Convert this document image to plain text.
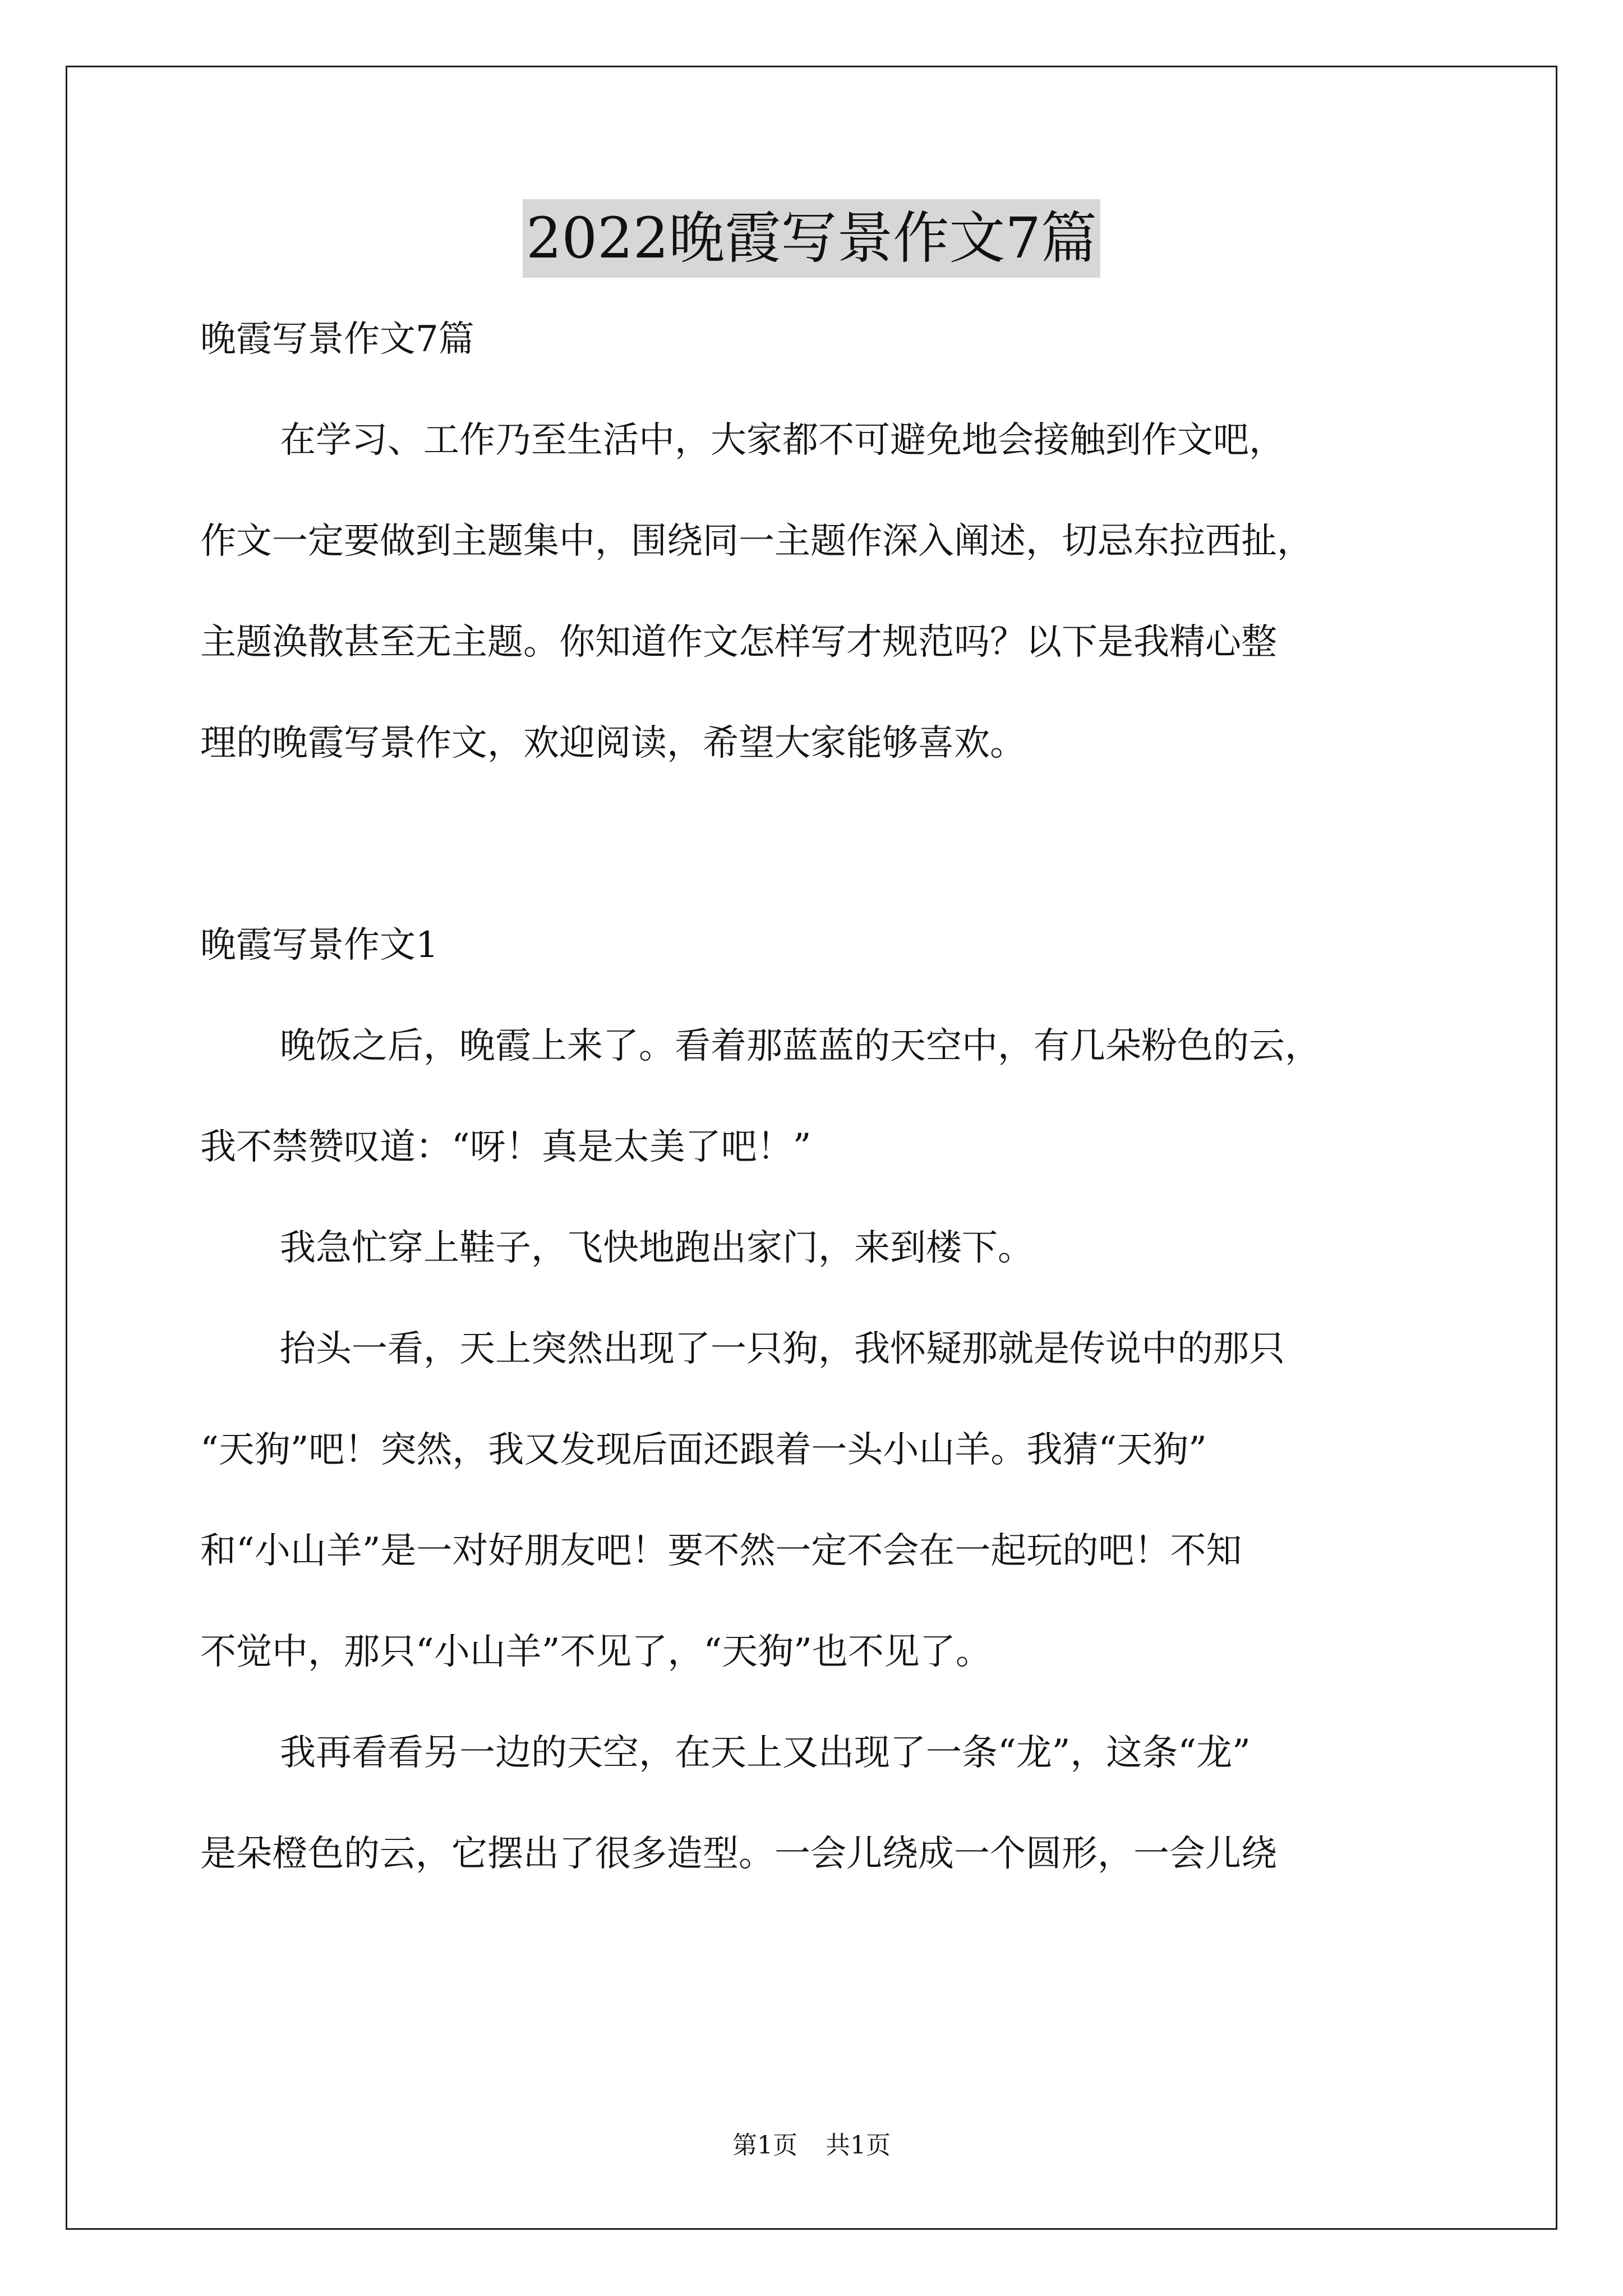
2022晚霞写景作文7篇

晚霞写景作文7篇

在学习、工作乃至生活中，大家都不可避免地会接触到作文吧，

作文一定要做到主题集中，围绕同一主题作深入阐述，切忌东拉西扯，

主题涣散甚至无主题。你知道作文怎样写才规范吗？以下是我精心整

理的晚霞写景作文，欢迎阅读，希望大家能够喜欢。

晚霞写景作文1

晚饭之后，晚霞上来了。看着那蓝蓝的天空中，有几朵粉色的云，

我不禁赞叹道：“呀！真是太美了吧！”

我急忙穿上鞋子，飞快地跑出家门，来到楼下。

抬头一看，天上突然出现了一只狗，我怀疑那就是传说中的那只

“天狗”吧！突然，我又发现后面还跟着一头小山羊。我猜“天狗”

和“小山羊”是一对好朋友吧！要不然一定不会在一起玩的吧！不知

不觉中，那只“小山羊”不见了，“天狗”也不见了。

我再看看另一边的天空，在天上又出现了一条“龙”，这条“龙”

是朵橙色的云，它摆出了很多造型。一会儿绕成一个圆形，一会儿绕

第1页 共1页
